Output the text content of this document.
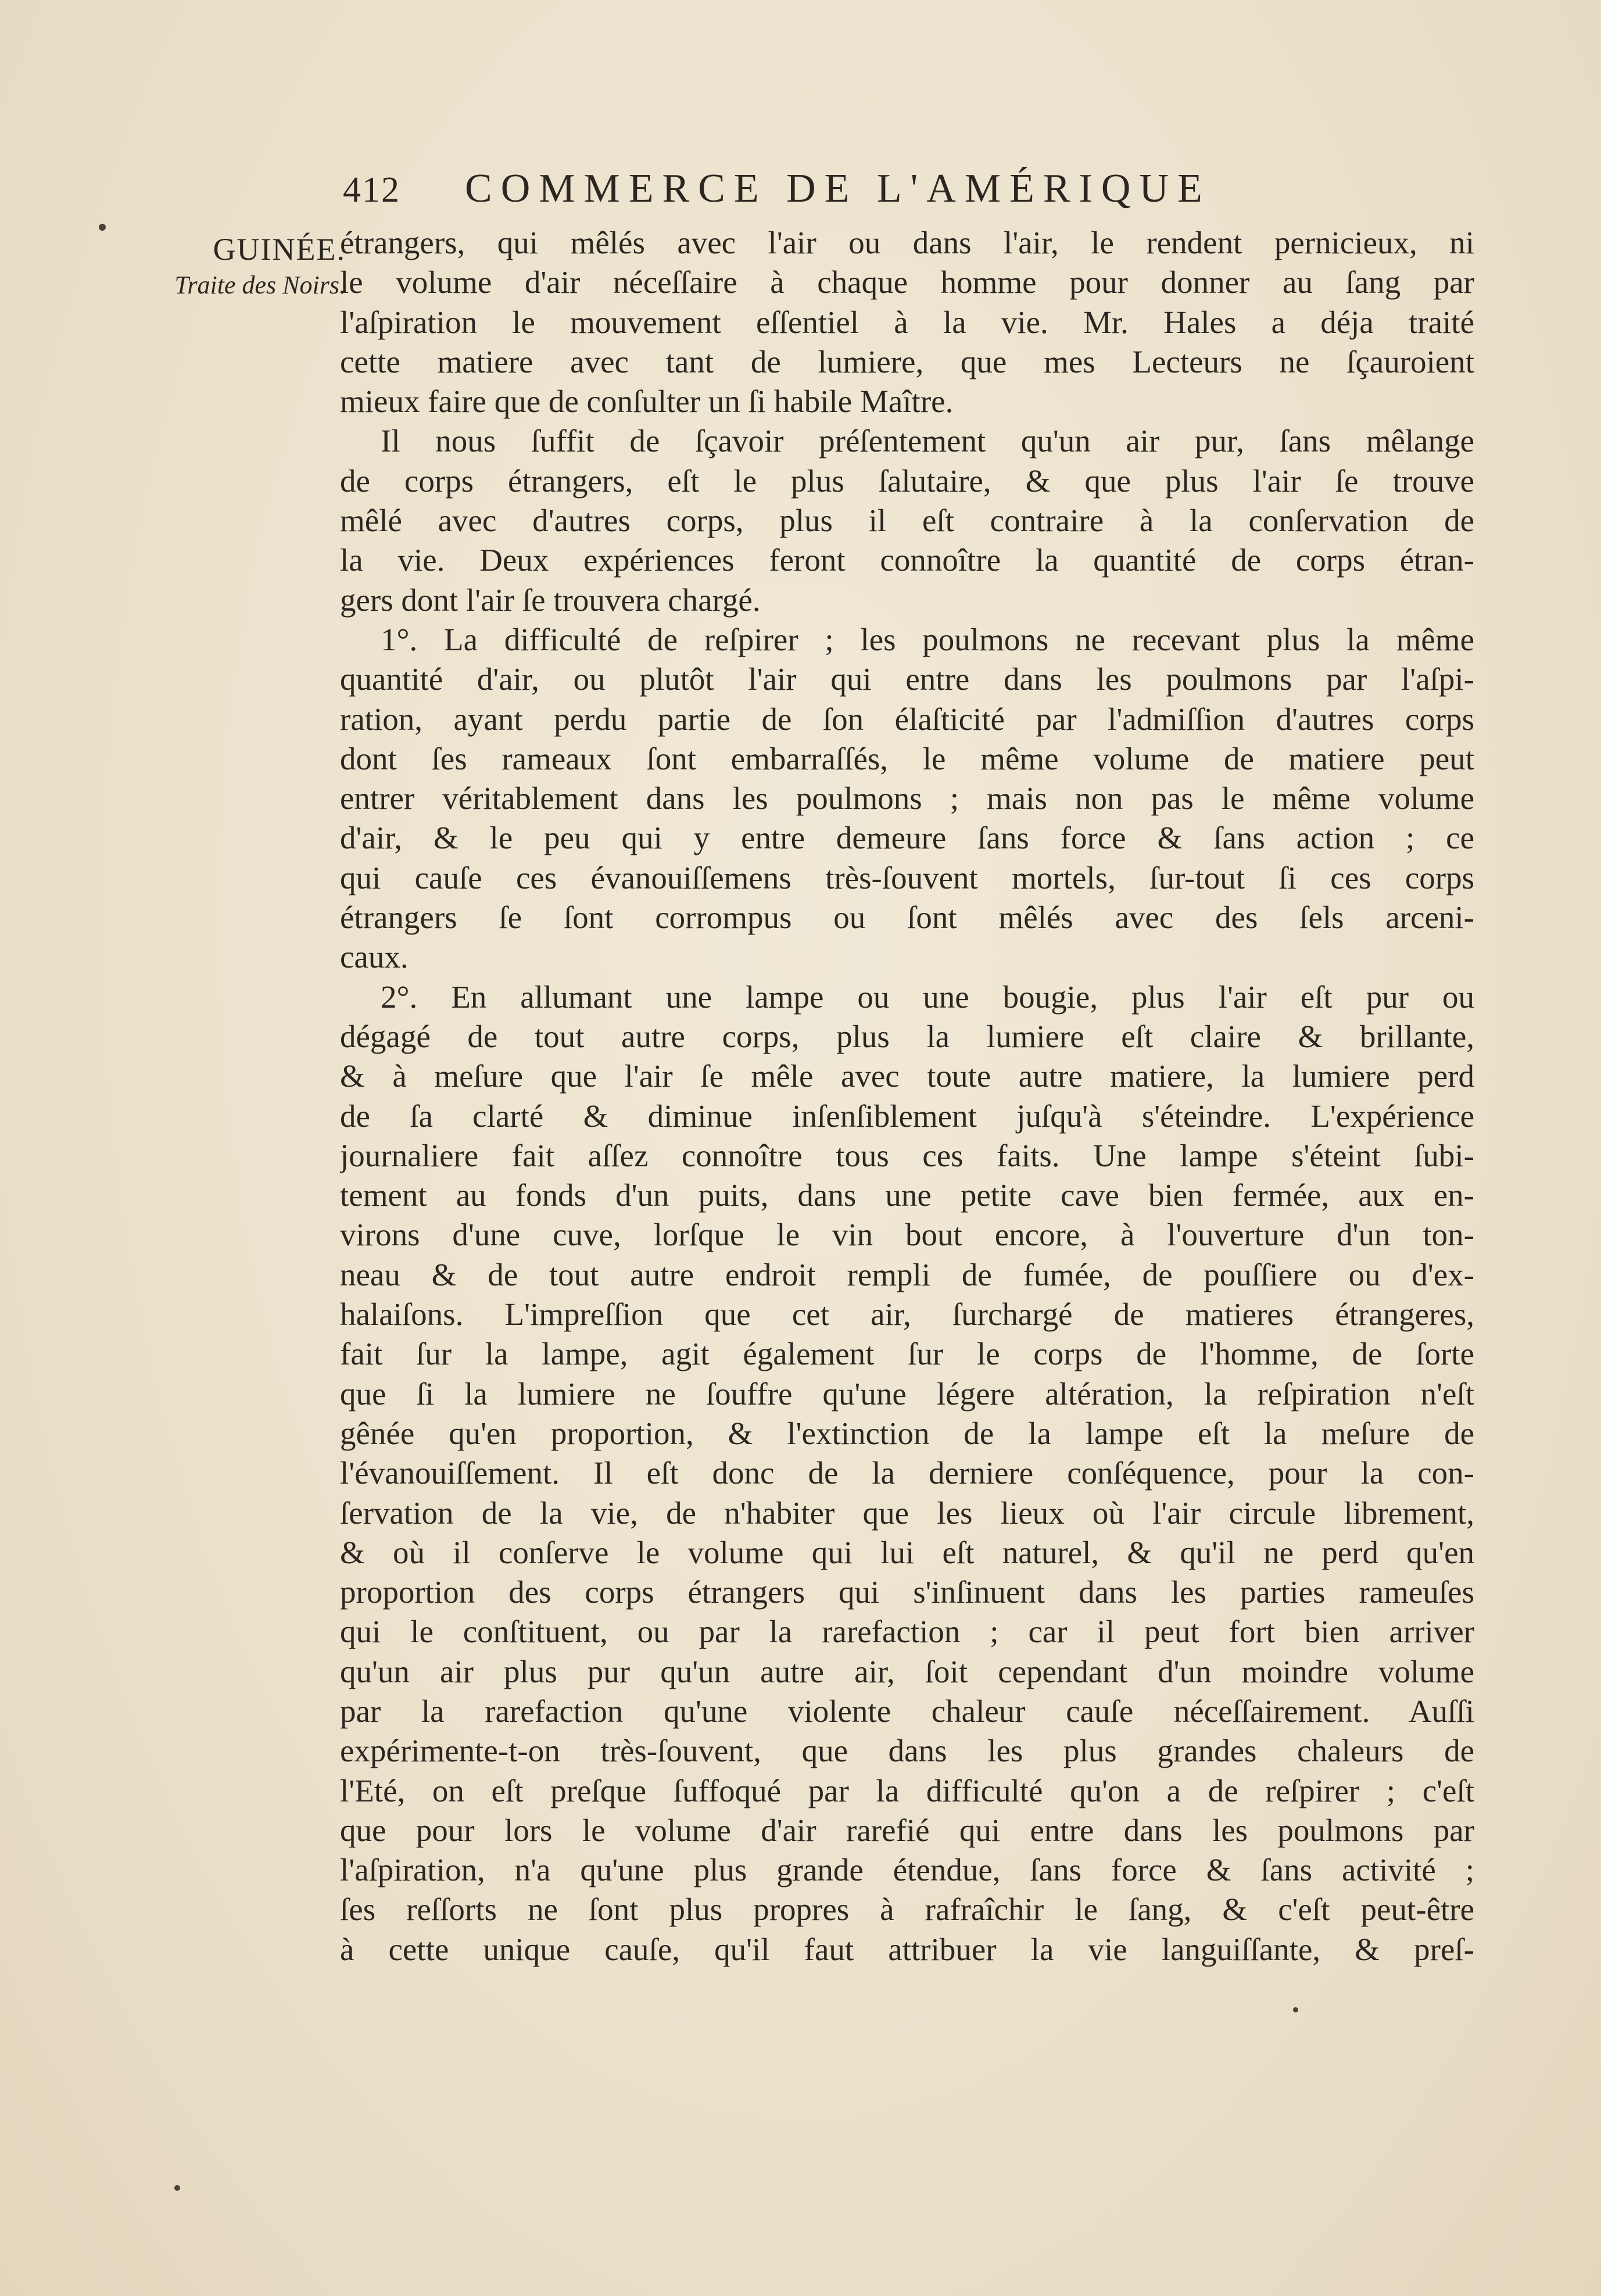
412	COMMERCE DE L'AMÉRIQUE
GUINÉE.
Traite des Noirs.
étrangers, qui mêlés avec l'air ou dans l'air, le rendent pernicieux, ni
le volume d'air néceſſaire à chaque homme pour donner au ſang par
l'aſpiration le mouvement eſſentiel à la vie. Mr. Hales a déja traité
cette matiere avec tant de lumiere, que mes Lecteurs ne ſçauroient
mieux faire que de conſulter un ſi habile Maître.
Il nous ſuffit de ſçavoir préſentement qu'un air pur, ſans mêlange
de corps étrangers, eſt le plus ſalutaire, & que plus l'air ſe trouve
mêlé avec d'autres corps, plus il eſt contraire à la conſervation de
la vie. Deux expériences feront connoître la quantité de corps étran-
gers dont l'air ſe trouvera chargé.
1°. La difficulté de reſpirer ; les poulmons ne recevant plus la même
quantité d'air, ou plutôt l'air qui entre dans les poulmons par l'aſpi-
ration, ayant perdu partie de ſon élaſticité par l'admiſſion d'autres corps
dont ſes rameaux ſont embarraſſés, le même volume de matiere peut
entrer véritablement dans les poulmons ; mais non pas le même volume
d'air, & le peu qui y entre demeure ſans force & ſans action ; ce
qui cauſe ces évanouiſſemens très-ſouvent mortels, ſur-tout ſi ces corps
étrangers ſe ſont corrompus ou ſont mêlés avec des ſels arceni-
caux.
2°. En allumant une lampe ou une bougie, plus l'air eſt pur ou
dégagé de tout autre corps, plus la lumiere eſt claire & brillante,
& à meſure que l'air ſe mêle avec toute autre matiere, la lumiere perd
de ſa clarté & diminue inſenſiblement juſqu'à s'éteindre. L'expérience
journaliere fait aſſez connoître tous ces faits. Une lampe s'éteint ſubi-
tement au fonds d'un puits, dans une petite cave bien fermée, aux en-
virons d'une cuve, lorſque le vin bout encore, à l'ouverture d'un ton-
neau & de tout autre endroit rempli de fumée, de pouſſiere ou d'ex-
halaiſons. L'impreſſion que cet air, ſurchargé de matieres étrangeres,
fait ſur la lampe, agit également ſur le corps de l'homme, de ſorte
que ſi la lumiere ne ſouffre qu'une légere altération, la reſpiration n'eſt
gênée qu'en proportion, & l'extinction de la lampe eſt la meſure de
l'évanouiſſement. Il eſt donc de la derniere conſéquence, pour la con-
ſervation de la vie, de n'habiter que les lieux où l'air circule librement,
& où il conſerve le volume qui lui eſt naturel, & qu'il ne perd qu'en
proportion des corps étrangers qui s'inſinuent dans les parties rameuſes
qui le conſtituent, ou par la rarefaction ; car il peut fort bien arriver
qu'un air plus pur qu'un autre air, ſoit cependant d'un moindre volume
par la rarefaction qu'une violente chaleur cauſe néceſſairement. Auſſi
expérimente-t-on très-ſouvent, que dans les plus grandes chaleurs de
l'Eté, on eſt preſque ſuffoqué par la difficulté qu'on a de reſpirer ; c'eſt
que pour lors le volume d'air rarefié qui entre dans les poulmons par
l'aſpiration, n'a qu'une plus grande étendue, ſans force & ſans activité ;
ſes reſſorts ne ſont plus propres à rafraîchir le ſang, & c'eſt peut-être
à cette unique cauſe, qu'il faut attribuer la vie languiſſante, & preſ-
